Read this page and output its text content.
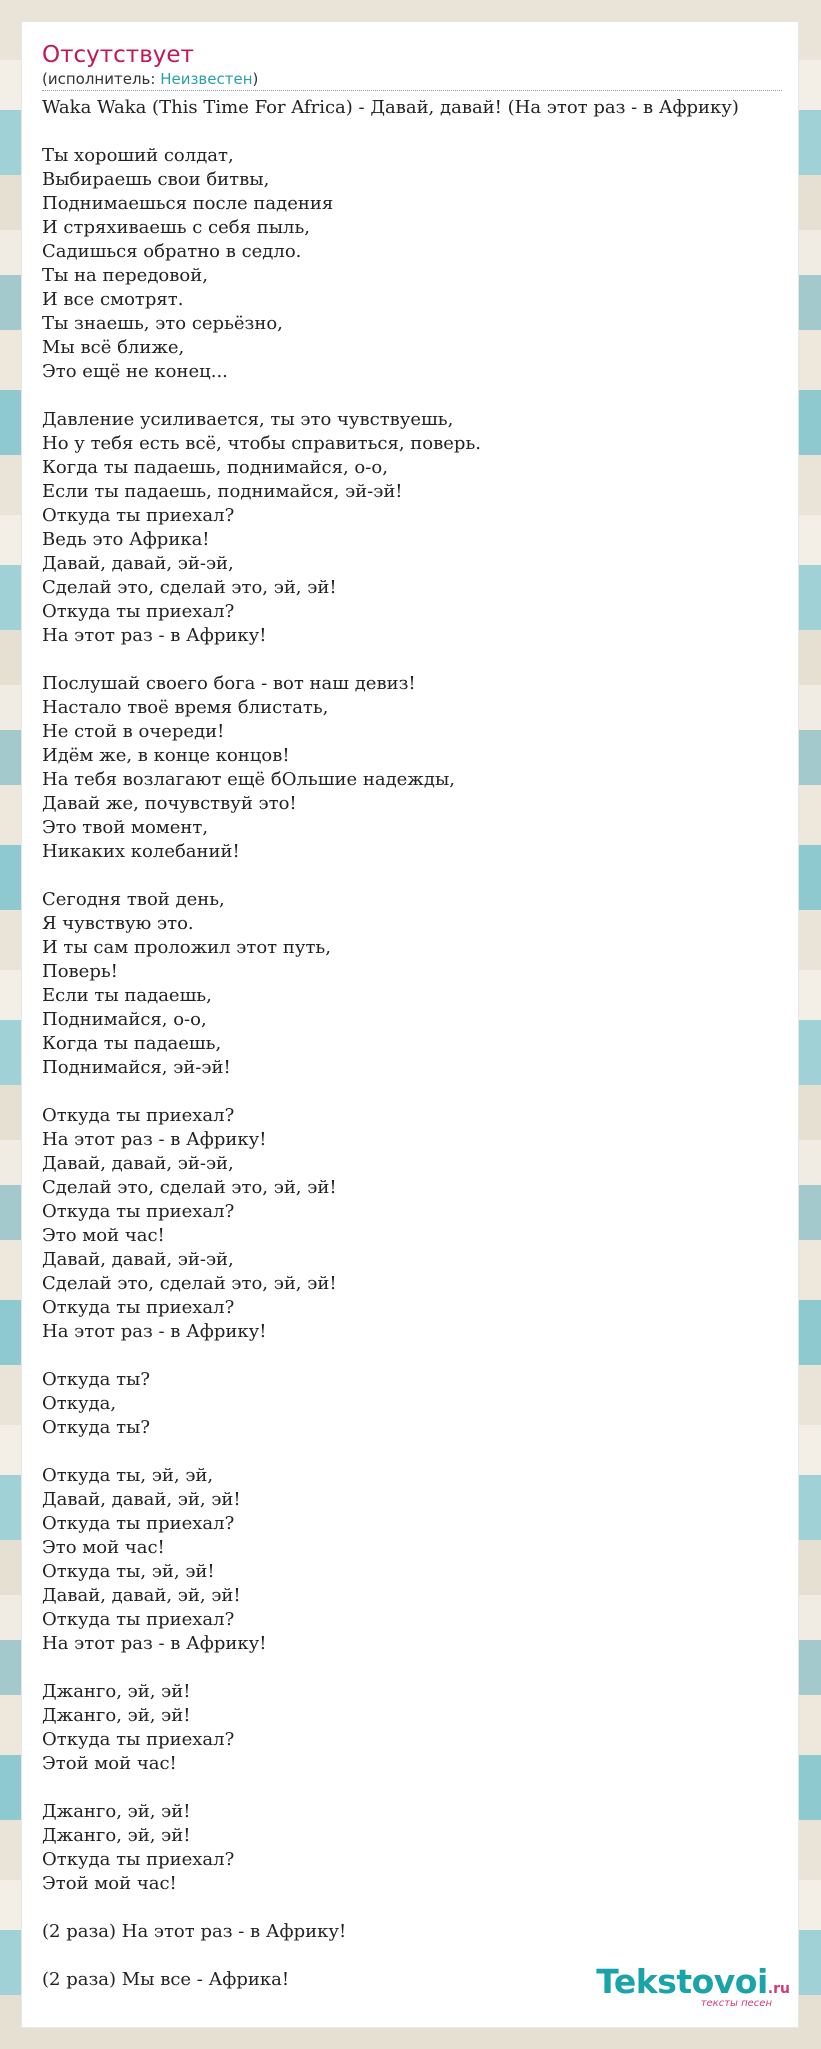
Отсутствует
(исполнитель: Неизвестен)
Waka Waka (This Time For Africa) - Давай, давай! (На этот раз - в Африку)

Ты хороший солдат,
Выбираешь свои битвы,
Поднимаешься после падения
И стряхиваешь с себя пыль,
Садишься обратно в седло.
Ты на передовой,
И все смотрят.
Ты знаешь, это серьёзно,
Мы всё ближе,
Это ещё не конец...

Давление усиливается, ты это чувствуешь,
Но у тебя есть всё, чтобы справиться, поверь.
Когда ты падаешь, поднимайся, о-о,
Если ты падаешь, поднимайся, эй-эй!
Откуда ты приехал?
Ведь это Африка!
Давай, давай, эй-эй,
Сделай это, сделай это, эй, эй!
Откуда ты приехал?
На этот раз - в Африку!

Послушай своего бога - вот наш девиз!
Настало твоё время блистать,
Не стой в очереди!
Идём же, в конце концов!
На тебя возлагают ещё бОльшие надежды,
Давай же, почувствуй это!
Это твой момент,
Никаких колебаний!

Сегодня твой день,
Я чувствую это.
И ты сам проложил этот путь,
Поверь!
Если ты падаешь,
Поднимайся, о-о,
Когда ты падаешь,
Поднимайся, эй-эй!

Откуда ты приехал?
На этот раз - в Африку!
Давай, давай, эй-эй,
Сделай это, сделай это, эй, эй!
Откуда ты приехал?
Это мой час!
Давай, давай, эй-эй,
Сделай это, сделай это, эй, эй!
Откуда ты приехал?
На этот раз - в Африку!

Откуда ты?
Откуда,
Откуда ты?

Откуда ты, эй, эй,
Давай, давай, эй, эй!
Откуда ты приехал?
Это мой час!
Откуда ты, эй, эй!
Давай, давай, эй, эй!
Откуда ты приехал?
На этот раз - в Африку!

Джанго, эй, эй!
Джанго, эй, эй!
Откуда ты приехал?
Этой мой час!

Джанго, эй, эй!
Джанго, эй, эй!
Откуда ты приехал?
Этой мой час!

(2 раза) На этот раз - в Африку!

(2 раза) Мы все - Африка!	Tekstovoi.ru
тексты песен
